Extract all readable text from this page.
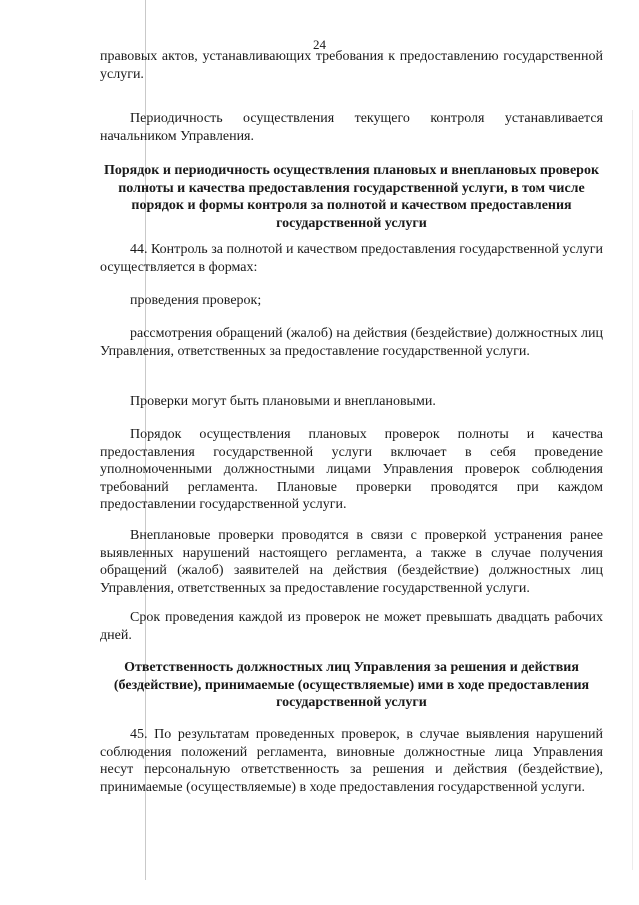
24

правовых актов, устанавливающих требования к предоставлению государственной услуги.

Периодичность осуществления текущего контроля устанавливается начальником Управления.

Порядок и периодичность осуществления плановых и внеплановых проверок полноты и качества предоставления государственной услуги, в том числе порядок и формы контроля за полнотой и качеством предоставления государственной услуги

44. Контроль за полнотой и качеством предоставления государственной услуги осуществляется в формах:

проведения проверок;

рассмотрения обращений (жалоб) на действия (бездействие) должностных лиц Управления, ответственных за предоставление государственной услуги.

Проверки могут быть плановыми и внеплановыми.

Порядок осуществления плановых проверок полноты и качества предоставления государственной услуги включает в себя проведение уполномоченными должностными лицами Управления проверок соблюдения требований регламента. Плановые проверки проводятся при каждом предоставлении государственной услуги.

Внеплановые проверки проводятся в связи с проверкой устранения ранее выявленных нарушений настоящего регламента, а также в случае получения обращений (жалоб) заявителей на действия (бездействие) должностных лиц Управления, ответственных за предоставление государственной услуги.

Срок проведения каждой из проверок не может превышать двадцать рабочих дней.

Ответственность должностных лиц Управления за решения и действия (бездействие), принимаемые (осуществляемые) ими в ходе предоставления государственной услуги

45. По результатам проведенных проверок, в случае выявления нарушений соблюдения положений регламента, виновные должностные лица Управления несут персональную ответственность за решения и действия (бездействие), принимаемые (осуществляемые) в ходе предоставления государственной услуги.
